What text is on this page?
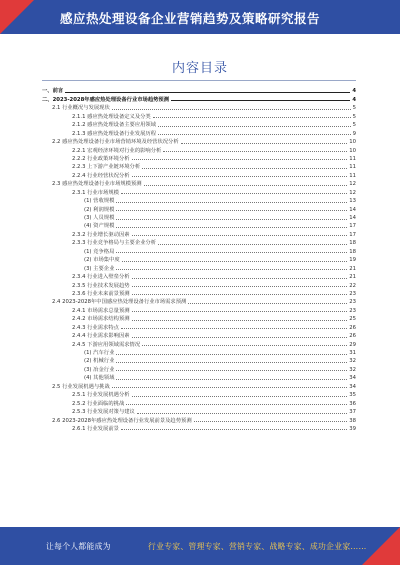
感应热处理设备企业营销趋势及策略研究报告
内容目录
一、前言	4
二、2023-2028年感应热处理设备行业市场趋势预测	4
2.1 行业概况与发展现状	5
2.1.1 感应热处理设备定义及分类	5
2.1.2 感应热处理设备主要应用领域	5
2.1.3 感应热处理设备行业发展历程	9
2.2 感应热处理设备行业市场营销环境及经营状况分析	10
2.2.1 宏观经济环境对行业的影响分析	10
2.2.2 行业政策环境分析	11
2.2.3 上下游产业链环境分析	11
2.2.4 行业经营状况分析	11
2.3 感应热处理设备行业市场规模预测	12
2.3.1 行业市场规模	12
(1) 营收规模	13
(2) 利润规模	14
(3) 人员规模	14
(4) 资产规模	17
2.3.2 行业增长驱动因素	17
2.3.3 行业竞争格局与主要企业分析	18
(1) 竞争格局	18
(2) 市场集中度	19
(3) 主要企业	21
2.3.4 行业进入壁垒分析	21
2.3.5 行业技术发展趋势	22
2.3.6 行业未来前景预测	23
2.4 2023-2028年中国感应热处理设备行业市场需求预测	23
2.4.1 市场需求总量预测	23
2.4.2 市场需求结构预测	25
2.4.3 行业需求特点	26
2.4.4 行业需求影响因素	26
2.4.5 下游应用领域需求情况	29
(1) 汽车行业	31
(2) 机械行业	32
(3) 冶金行业	32
(4) 其他领域	34
2.5 行业发展机遇与挑战	34
2.5.1 行业发展机遇分析	35
2.5.2 行业面临的挑战	36
2.5.3 行业发展对策与建议	37
2.6 2023-2028年感应热处理设备行业发展前景及趋势预测	38
2.6.1 行业发展前景	39
让每个人都能成为	行业专家、管理专家、营销专家、战略专家、成功企业家……
